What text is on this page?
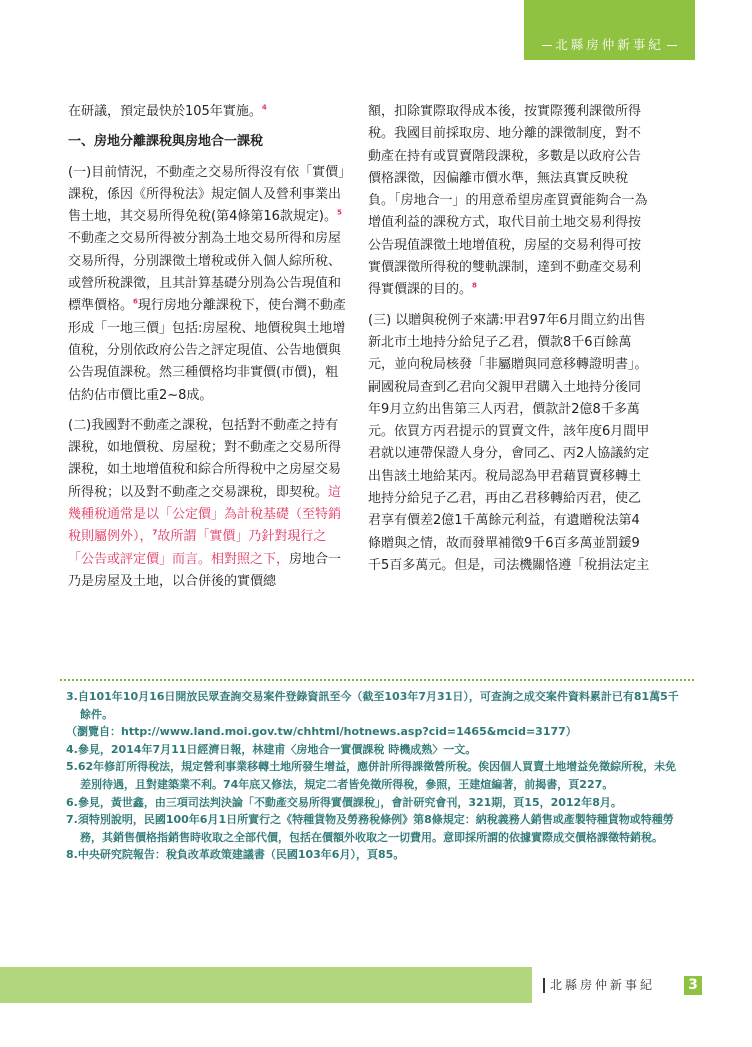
北縣房仲新事紀

在研議，預定最快於105年實施。$^4$

一、房地分離課稅與房地合一課稅

(一)目前情況，不動產之交易所得沒有依「實價」課稅，係因《所得稅法》規定個人及營利事業出售土地，其交易所得免稅(第4條第16款規定)。$^5$不動產之交易所得被分割為土地交易所得和房屋交易所得，分別課徵土增稅或併入個人綜所稅、或營所稅課徵，且其計算基礎分別為公告現值和標準價格。$^6$現行房地分離課稅下，使台灣不動產形成「一地三價」包括:房屋稅、地價稅與土地增值稅，分別依政府公告之評定現值、公告地價與公告現值課稅。然三種價格均非實價(市價)，粗估約佔市價比重2~8成。

(二)我國對不動產之課稅，包括對不動產之持有課稅，如地價稅、房屋稅；對不動產之交易所得課稅，如土地增值稅和綜合所得稅中之房屋交易所得稅；以及對不動產之交易課稅，即契稅。這幾種稅通常是以「公定價」為計稅基礎（至特銷稅則屬例外），$^7$故所謂「實價」乃針對現行之「公告或評定價」而言。相對照之下，房地合一乃是房屋及土地，以合併後的實價總

額，扣除實際取得成本後，按實際獲利課徵所得稅。我國目前採取房、地分離的課徵制度，對不動產在持有或買賣階段課稅，多數是以政府公告價格課徵，因偏離市價水準，無法真實反映稅負。「房地合一」的用意希望房產買賣能夠合一為增值利益的課稅方式，取代目前土地交易利得按公告現值課徵土地增值稅，房屋的交易利得可按實價課徵所得稅的雙軌課制，達到不動產交易利得實價課的目的。$^8$

(三) 以贈與稅例子來講:甲君97年6月間立約出售新北市土地持分給兒子乙君，價款8千6百餘萬元，並向稅局核發「非屬贈與同意移轉證明書」。嗣國稅局查到乙君向父親甲君購入土地持分後同年9月立約出售第三人丙君，價款計2億8千多萬元。依買方丙君提示的買賣文件，該年度6月間甲君就以連帶保證人身分，會同乙、丙2人協議約定出售該土地給某丙。稅局認為甲君藉買賣移轉土地持分給兒子乙君，再由乙君移轉給丙君，使乙君享有價差2億1千萬餘元利益，有遺贈稅法第4條贈與之情，故而發單補徵9千6百多萬並罰鍰9千5百多萬元。但是，司法機關恪遵「稅捐法定主

3.自101年10月16日開放民眾查詢交易案件登錄資訊至今（截至103年7月31日），可查詢之成交案件資料累計已有81萬5千餘件。
（瀏覽自：http://www.land.moi.gov.tw/chhtml/hotnews.asp?cid=1465&mcid=3177）
4.參見，2014年7月11日經濟日報，林建甫〈房地合一實價課稅 時機成熟〉一文。
5.62年修訂所得稅法，規定營利事業移轉土地所發生增益，應併計所得課徵營所稅。俟因個人買賣土地增益免徵綜所稅，未免差別待遇，且對建築業不利。74年底又修法，規定二者皆免徵所得稅，參照，王建煊編著，前揭書，頁227。
6.參見，黃世鑫，由三項司法判決論「不動產交易所得實價課稅」，會計研究會刊，321期，頁15，2012年8月。
7.須特別說明，民國100年6月1日所實行之《特種貨物及勞務稅條例》第8條規定：納稅義務人銷售或產製特種貨物或特種勞務，其銷售價格指銷售時收取之全部代價，包括在價額外收取之一切費用。意即採所謂的依據實際成交價格課徵特銷稅。
8.中央研究院報告：稅負改革政策建議書（民國103年6月），頁85。
北縣房仲新事紀	3
